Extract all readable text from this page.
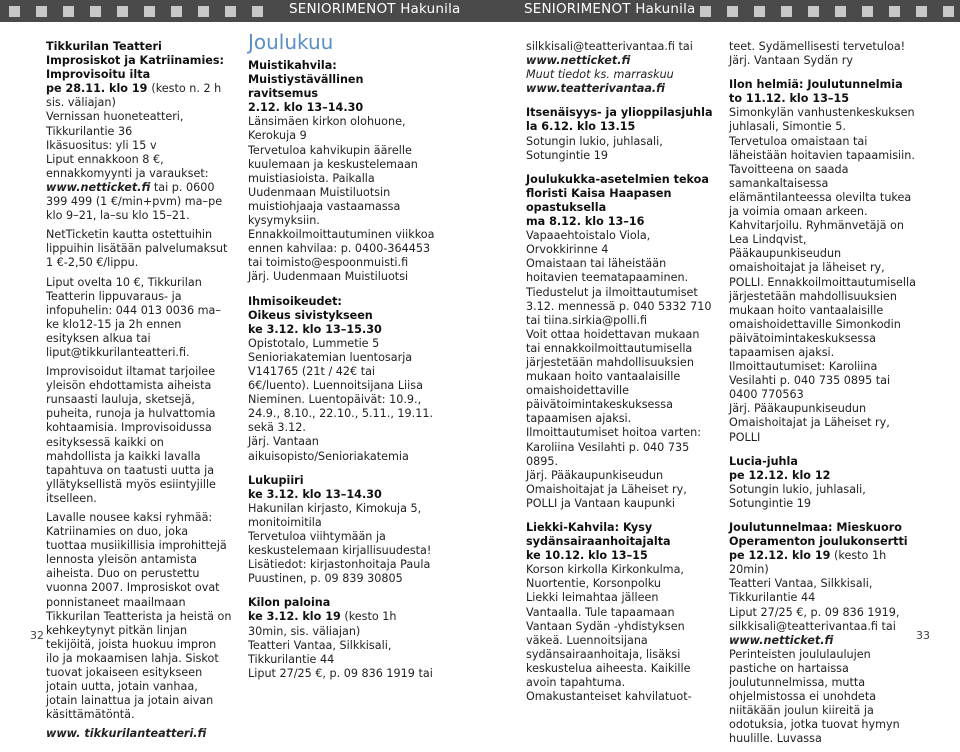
SENIORIMENOT Hakunila	SENIORIMENOT Hakunila

Tikkurilan Teatteri
Improsiskot ja Katriinamies:
Improvisoitu ilta
pe 28.11. klo 19 (kesto n. 2 h sis. väliajan)
Vernissan huoneteatteri, Tikkurilantie 36
Ikäsuositus: yli 15 v
Liput ennakkoon 8 €, ennakkomyynti ja varaukset: www.netticket.fi tai p. 0600 399 499 (1 €/min+pvm) ma–pe klo 9–21, la–su klo 15–21.

NetTicketin kautta ostettuihin lippuihin lisätään palvelumaksut 1 €-2,50 €/lippu.

Liput ovelta 10 €, Tikkurilan Teatterin lippuvaraus- ja infopuhelin: 044 013 0036 ma–ke klo12-15 ja 2h ennen esityksen alkua tai liput@tikkurilanteatteri.fi.

Improvisoidut iltamat tarjoilee yleisön ehdottamista aiheista runsaasti lauluja, sketsejä, puheita, runoja ja hulvattomia kohtaamisia. Improvisoidussa esityksessä kaikki on mahdollista ja kaikki lavalla tapahtuva on taatusti uutta ja yllätyksellistä myös esiintyjille itselleen.

Lavalle nousee kaksi ryhmää: Katriinamies on duo, joka tuottaa musiikillisia improhittejä lennosta yleisön antamista aiheista. Duo on perustettu vuonna 2007. Improsiskot ovat ponnistaneet maailmaan Tikkurilan Teatterista ja heistä on kehkeytynyt pitkän linjan tekijöitä, joista huokuu impron ilo ja mokaamisen lahja. Siskot tuovat jokaiseen esitykseen jotain uutta, jotain vanhaa, jotain lainattua ja jotain aivan käsittämätöntä.

www. tikkurilanteatteri.fi

Joulukuu

Muistikahvila: Muistiystävällinen ravitsemus
2.12. klo 13–14.30

Länsimäen kirkon olohuone, Kerokuja 9
Tervetuloa kahvikupin äärelle kuulemaan ja keskustelemaan muistiasioista. Paikalla Uudenmaan Muistiluotsin muistiohjaaja vastaamassa kysymyksiin. Ennakkoilmoittautuminen viikkoa ennen kahvilaa: p. 0400-364453 tai toimisto@espoonmuisti.fi
Järj. Uudenmaan Muistiluotsi

Ihmisoikeudet:
Oikeus sivistykseen
ke 3.12. klo 13–15.30

Opistotalo, Lummetie 5
Senioriakatemian luentosarja V141765 (21t / 42€ tai 6€/luento). Luennoitsijana Liisa Nieminen. Luentopäivät: 10.9., 24.9., 8.10., 22.10., 5.11., 19.11. sekä 3.12.
Järj. Vantaan aikuisopisto/Senioriakatemia

Lukupiiri
ke 3.12. klo 13–14.30

Hakunilan kirjasto, Kimokuja 5, monitoimitila
Tervetuloa viihtymään ja keskustelemaan kirjallisuudesta!
Lisätiedot: kirjastonhoitaja Paula Puustinen, p. 09 839 30805

Kilon paloina
ke 3.12. klo 19 (kesto 1h 30min, sis. väliajan)

Teatteri Vantaa, Silkkisali, Tikkurilantie 44
Liput 27/25 €, p. 09 836 1919 tai

silkkisali@teatterivantaa.fi tai www.netticket.fi
Muut tiedot ks. marraskuu
www.teatterivantaa.fi

Itsenäisyys- ja ylioppilasjuhla
la 6.12. klo 13.15

Sotungin lukio, juhlasali, Sotungintie 19

Joulukukka-asetelmien tekoa floristi Kaisa Haapasen opastuksella
ma 8.12. klo 13–16

Vapaaehtoistalo Viola, Orvokkirinne 4
Omaistaan tai läheistään hoitavien teematapaaminen. Tiedustelut ja ilmoittautumiset 3.12. mennessä p. 040 5332 710 tai tiina.sirkia@polli.fi
Voit ottaa hoidettavan mukaan tai ennakkoilmoittautumisella järjestetään mahdollisuuksien mukaan hoito vantaalaisille omaishoidettaville päivätoimintakeskuksessa tapaamisen ajaksi. Ilmoittautumiset hoitoa varten: Karoliina Vesilahti p. 040 735 0895.
Järj. Pääkaupunkiseudun Omaishoitajat ja Läheiset ry, POLLI ja Vantaan kaupunki

Liekki-Kahvila: Kysy sydänsairaanhoitajalta
ke 10.12. klo 13–15

Korson kirkolla Kirkonkulma, Nuortentie, Korsonpolku
Liekki leimahtaa jälleen Vantaalla. Tule tapaamaan Vantaan Sydän -yhdistyksen väkeä. Luennoitsijana sydänsairaanhoitaja, lisäksi keskustelua aiheesta. Kaikille avoin tapahtuma. Omakustanteiset kahvilatuot-

teet. Sydämellisesti tervetuloa!
Järj. Vantaan Sydän ry

Ilon helmiä: Joulutunnelmia
to 11.12. klo 13–15

Simonkylän vanhustenkeskuksen juhlasali, Simontie 5.
Tervetuloa omaistaan tai läheistään hoitavien tapaamisiin. Tavoitteena on saada samankaltaisessa elämäntilanteessa olevilta tukea ja voimia omaan arkeen. Kahvitarjoilu. Ryhmänvetäjä on Lea Lindqvist, Pääkaupunkiseudun omaishoitajat ja läheiset ry, POLLI. Ennakkoilmoittautumisella järjestetään mahdollisuuksien mukaan hoito vantaalaisille omaishoidettaville Simonkodin päivätoimintakeskuksessa tapaamisen ajaksi. Ilmoittautumiset: Karoliina Vesilahti p. 040 735 0895 tai 0400 770563
Järj. Pääkaupunkiseudun Omaishoitajat ja Läheiset ry, POLLI

Lucia-juhla
pe 12.12. klo 12

Sotungin lukio, juhlasali, Sotungintie 19

Joulutunnelmaa: Mieskuoro Operamenton joulukonsertti
pe 12.12. klo 19 (kesto 1h 20min)

Teatteri Vantaa, Silkkisali, Tikkurilantie 44
Liput 27/25 €, p. 09 836 1919, silkkisali@teatterivantaa.fi tai www.netticket.fi

Perinteisten joululaulujen pastiche on hartaissa joulutunnelmissa, mutta ohjelmistossa ei unohdeta niitäkään joulun kiireitä ja odotuksia, jotka tuovat hymyn huulille. Luvassa

32	33
